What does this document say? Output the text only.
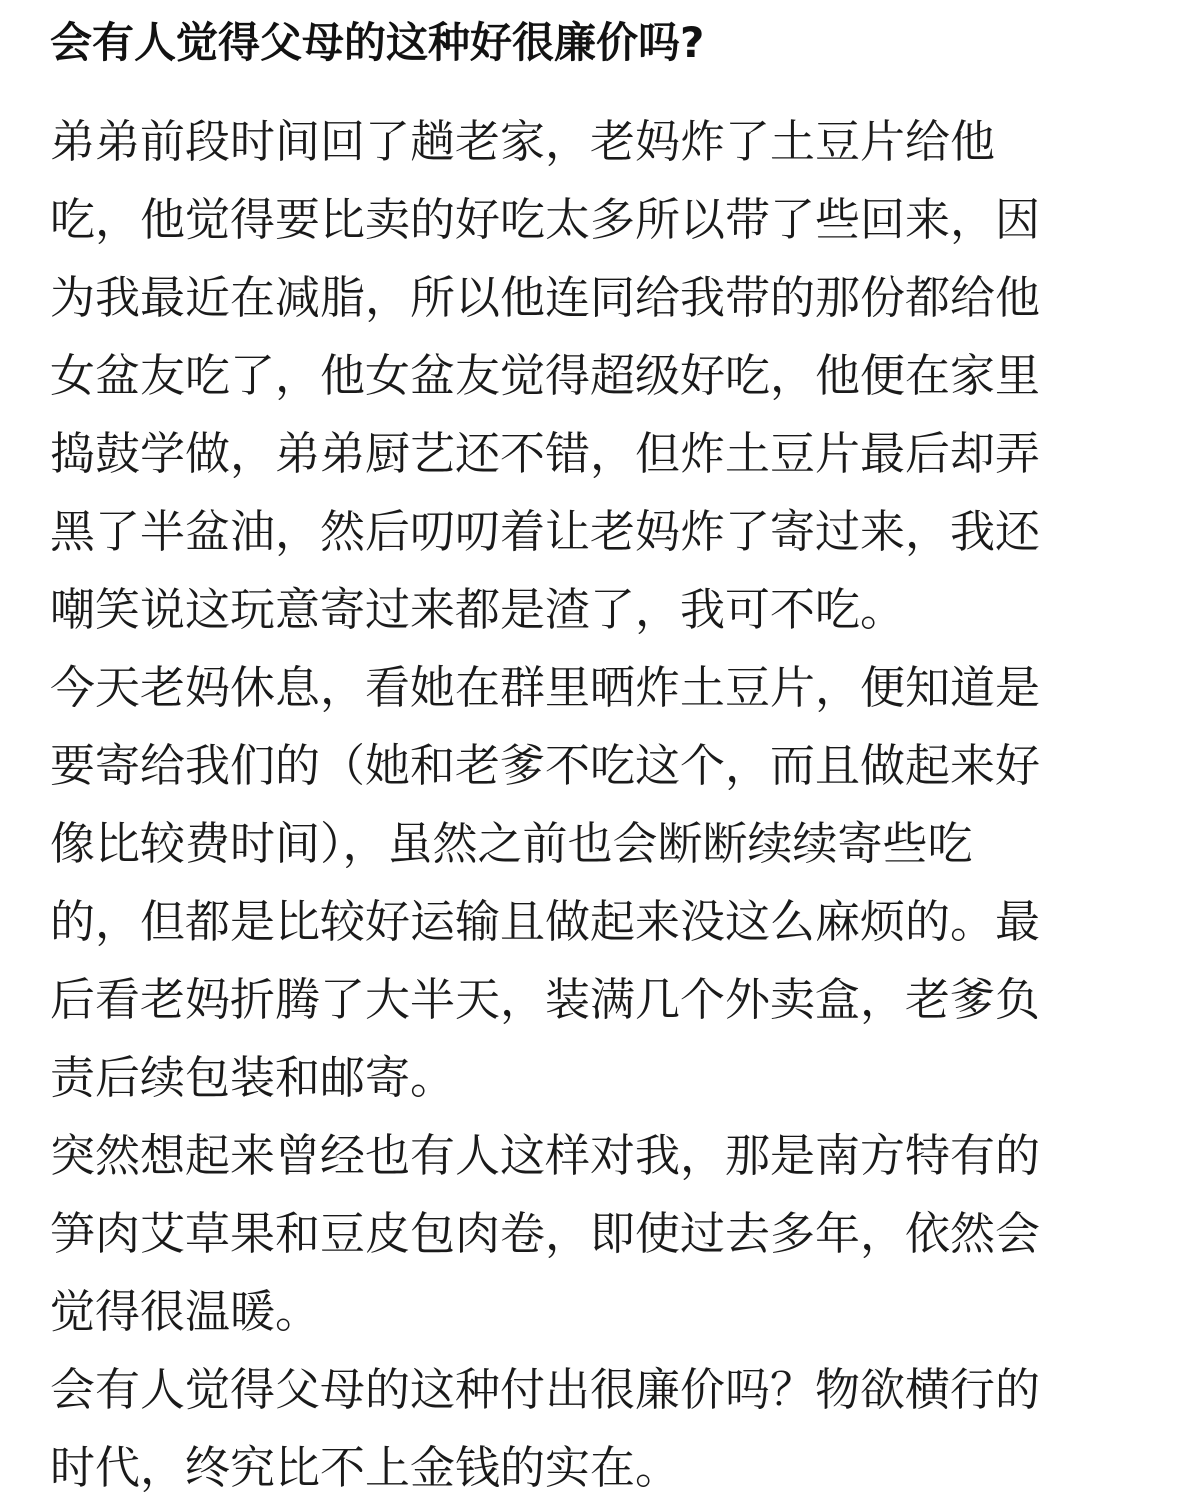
会有人觉得父母的这种好很廉价吗?
弟弟前段时间回了趟老家，老妈炸了土豆片给他
吃，他觉得要比卖的好吃太多所以带了些回来，因
为我最近在减脂，所以他连同给我带的那份都给他
女盆友吃了，他女盆友觉得超级好吃，他便在家里
捣鼓学做，弟弟厨艺还不错，但炸土豆片最后却弄
黑了半盆油，然后叨叨着让老妈炸了寄过来，我还
嘲笑说这玩意寄过来都是渣了，我可不吃。
今天老妈休息，看她在群里晒炸土豆片，便知道是
要寄给我们的（她和老爹不吃这个，而且做起来好
像比较费时间），虽然之前也会断断续续寄些吃
的，但都是比较好运输且做起来没这么麻烦的。最
后看老妈折腾了大半天，装满几个外卖盒，老爹负
责后续包装和邮寄。
突然想起来曾经也有人这样对我，那是南方特有的
笋肉艾草果和豆皮包肉卷，即使过去多年，依然会
觉得很温暖。
会有人觉得父母的这种付出很廉价吗？物欲横行的
时代，终究比不上金钱的实在。
